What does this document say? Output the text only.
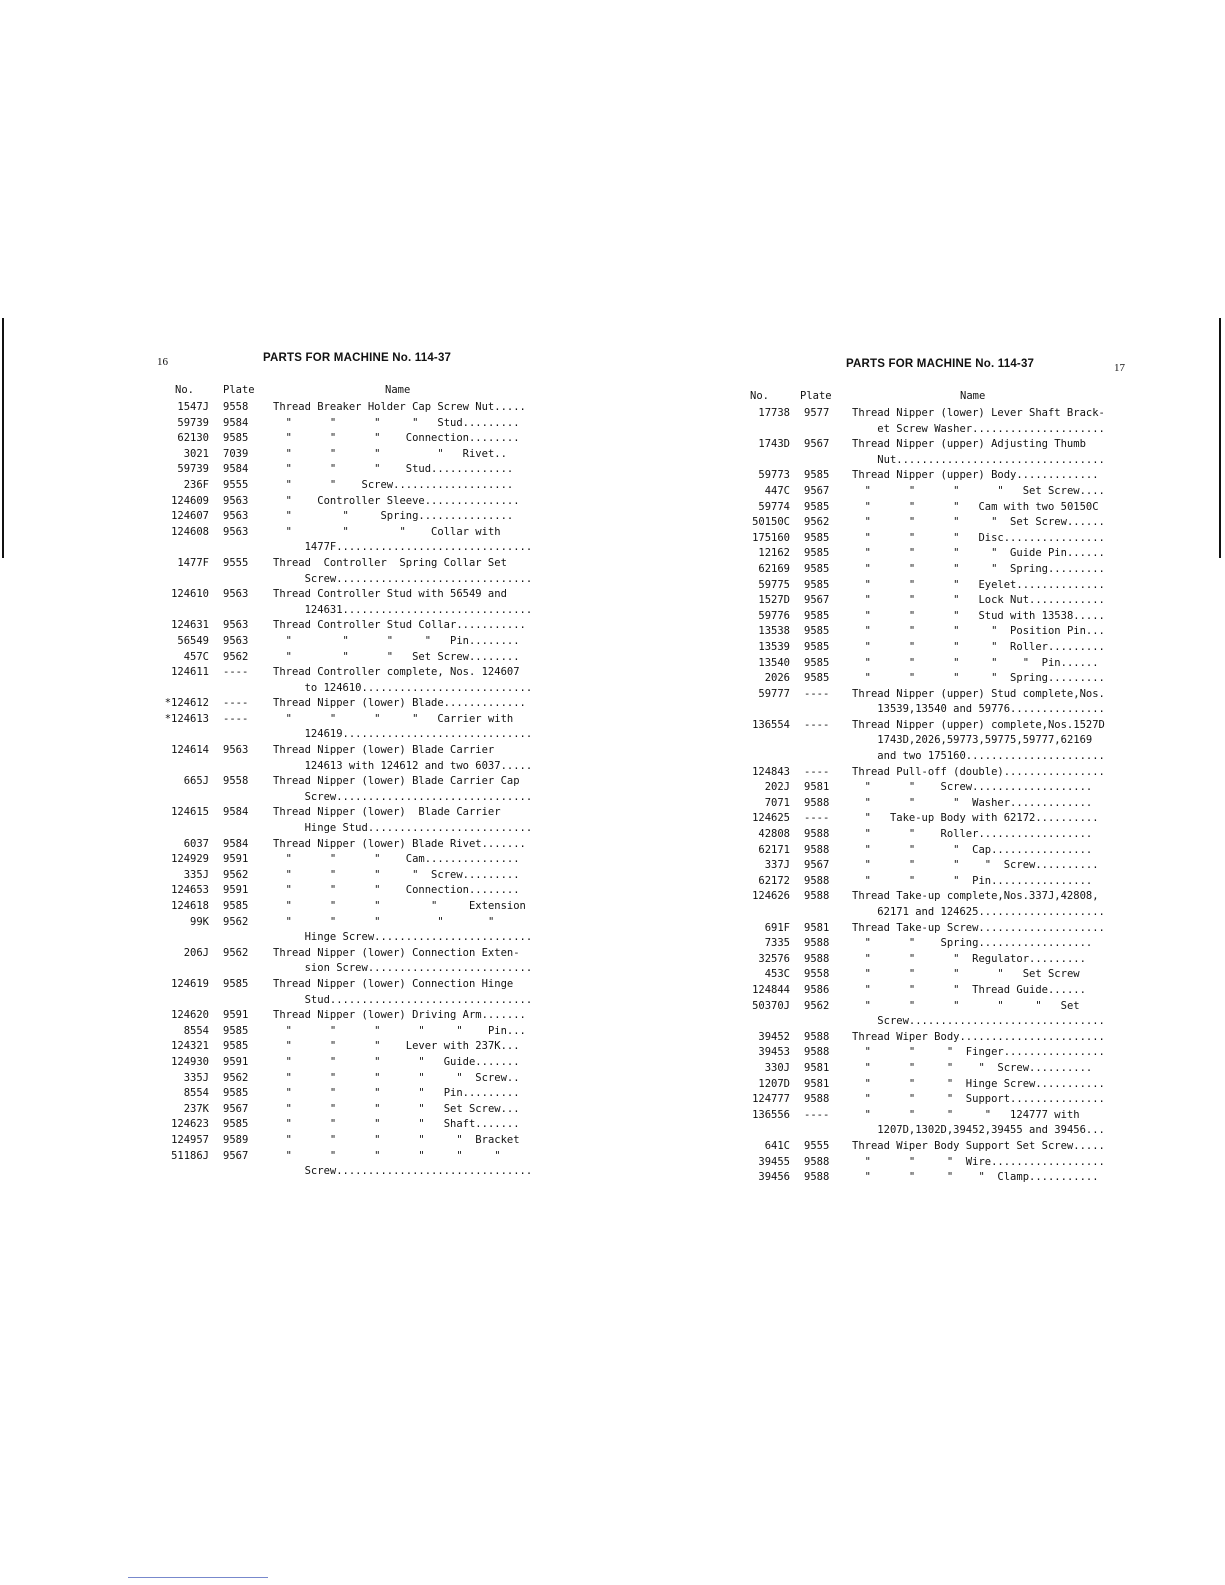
16	PARTS FOR MACHINE No. 114-37
No.	Plate	Name
1547J	9558	Thread Breaker Holder Cap Screw Nut.....
59739	9584	"      "      "     "   Stud.........
62130	9585	"      "      "    Connection........
3021	7039	"      "      "         "   Rivet..
59739	9584	"      "      "    Stud.............
236F	9555	"      "    Screw...................
124609	9563	"    Controller Sleeve...............
124607	9563	"        "     Spring...............
124608	9563	"        "        "    Collar with
1477F...............................
1477F	9555	Thread  Controller  Spring Collar Set
Screw...............................
124610	9563	Thread Controller Stud with 56549 and
124631..............................
124631	9563	Thread Controller Stud Collar...........
56549	9563	"        "      "     "   Pin........
457C	9562	"        "      "   Set Screw........
124611	----	Thread Controller complete, Nos. 124607
to 124610...........................
*124612	----	Thread Nipper (lower) Blade.............
*124613	----	"      "      "     "   Carrier with
124619..............................
124614	9563	Thread Nipper (lower) Blade Carrier
124613 with 124612 and two 6037.....
665J	9558	Thread Nipper (lower) Blade Carrier Cap
Screw...............................
124615	9584	Thread Nipper (lower)  Blade Carrier
Hinge Stud..........................
6037	9584	Thread Nipper (lower) Blade Rivet.......
124929	9591	"      "      "    Cam...............
335J	9562	"      "      "     "  Screw.........
124653	9591	"      "      "    Connection........
124618	9585	"      "      "        "     Extension
99K	9562	"      "      "         "       "
Hinge Screw.........................
206J	9562	Thread Nipper (lower) Connection Exten-
sion Screw..........................
124619	9585	Thread Nipper (lower) Connection Hinge
Stud................................
124620	9591	Thread Nipper (lower) Driving Arm.......
8554	9585	"      "      "      "     "    Pin...
124321	9585	"      "      "    Lever with 237K...
124930	9591	"      "      "      "   Guide.......
335J	9562	"      "      "      "     "  Screw..
8554	9585	"      "      "      "   Pin.........
237K	9567	"      "      "      "   Set Screw...
124623	9585	"      "      "      "   Shaft.......
124957	9589	"      "      "      "     "  Bracket
51186J	9567	"      "      "      "     "     "
Screw...............................
PARTS FOR MACHINE No. 114-37	17
No.	Plate	Name
17738	9577	Thread Nipper (lower) Lever Shaft Brack-
et Screw Washer.....................
1743D	9567	Thread Nipper (upper) Adjusting Thumb
Nut.................................
59773	9585	Thread Nipper (upper) Body.............
447C	9567	"      "      "      "   Set Screw....
59774	9585	"      "      "   Cam with two 50150C
50150C	9562	"      "      "     "  Set Screw......
175160	9585	"      "      "   Disc................
12162	9585	"      "      "     "  Guide Pin......
62169	9585	"      "      "     "  Spring.........
59775	9585	"      "      "   Eyelet..............
1527D	9567	"      "      "   Lock Nut............
59776	9585	"      "      "   Stud with 13538.....
13538	9585	"      "      "     "  Position Pin...
13539	9585	"      "      "     "  Roller.........
13540	9585	"      "      "     "    "  Pin......
2026	9585	"      "      "     "  Spring.........
59777	----	Thread Nipper (upper) Stud complete,Nos.
13539,13540 and 59776...............
136554	----	Thread Nipper (upper) complete,Nos.1527D
1743D,2026,59773,59775,59777,62169
and two 175160......................
124843	----	Thread Pull-off (double)................
202J	9581	"      "    Screw...................
7071	9588	"      "      "  Washer.............
124625	----	"   Take-up Body with 62172..........
42808	9588	"      "    Roller..................
62171	9588	"      "      "  Cap................
337J	9567	"      "      "    "  Screw..........
62172	9588	"      "      "  Pin................
124626	9588	Thread Take-up complete,Nos.337J,42808,
62171 and 124625....................
691F	9581	Thread Take-up Screw....................
7335	9588	"      "    Spring..................
32576	9588	"      "      "  Regulator.........
453C	9558	"      "      "      "   Set Screw
124844	9586	"      "      "  Thread Guide......
50370J	9562	"      "      "      "     "   Set
Screw...............................
39452	9588	Thread Wiper Body.......................
39453	9588	"      "     "  Finger................
330J	9581	"      "     "    "  Screw..........
1207D	9581	"      "     "  Hinge Screw...........
124777	9588	"      "     "  Support...............
136556	----	"      "     "     "   124777 with
1207D,1302D,39452,39455 and 39456...
641C	9555	Thread Wiper Body Support Set Screw.....
39455	9588	"      "     "  Wire..................
39456	9588	"      "     "    "  Clamp...........
